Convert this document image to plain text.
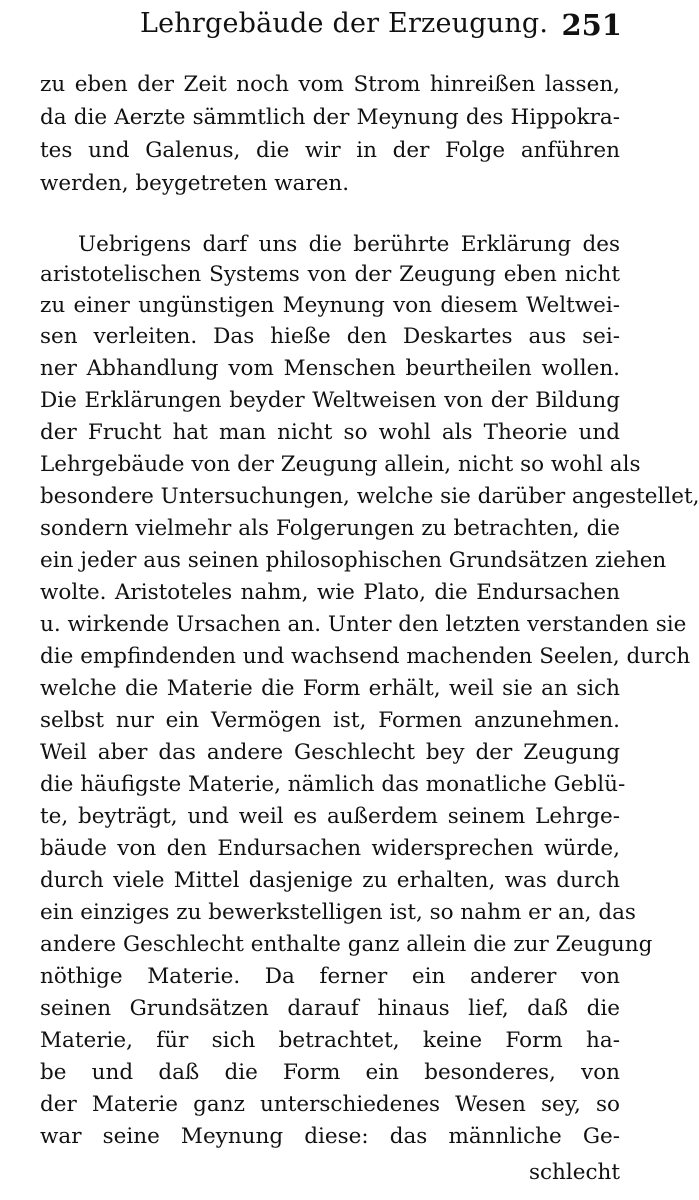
Lehrgebäude der Erzeugung. 251
zu eben der Zeit noch vom Strom hinreißen lassen,
da die Aerzte sämmtlich der Meynung des Hippokra-
tes und Galenus, die wir in der Folge anführen
werden, beygetreten waren.
Uebrigens darf uns die berührte Erklärung des
aristotelischen Systems von der Zeugung eben nicht
zu einer ungünstigen Meynung von diesem Weltwei-
sen verleiten. Das hieße den Deskartes aus sei-
ner Abhandlung vom Menschen beurtheilen wollen.
Die Erklärungen beyder Weltweisen von der Bildung
der Frucht hat man nicht so wohl als Theorie und
Lehrgebäude von der Zeugung allein, nicht so wohl als
besondere Untersuchungen, welche sie darüber angestellet,
sondern vielmehr als Folgerungen zu betrachten, die
ein jeder aus seinen philosophischen Grundsätzen ziehen
wolte. Aristoteles nahm, wie Plato, die Endursachen
u. wirkende Ursachen an. Unter den letzten verstanden sie
die empfindenden und wachsend machenden Seelen, durch
welche die Materie die Form erhält, weil sie an sich
selbst nur ein Vermögen ist, Formen anzunehmen.
Weil aber das andere Geschlecht bey der Zeugung
die häufigste Materie, nämlich das monatliche Geblü-
te, beyträgt, und weil es außerdem seinem Lehrge-
bäude von den Endursachen widersprechen würde,
durch viele Mittel dasjenige zu erhalten, was durch
ein einziges zu bewerkstelligen ist, so nahm er an, das
andere Geschlecht enthalte ganz allein die zur Zeugung
nöthige Materie. Da ferner ein anderer von
seinen Grundsätzen darauf hinaus lief, daß die
Materie, für sich betrachtet, keine Form ha-
be und daß die Form ein besonderes, von
der Materie ganz unterschiedenes Wesen sey, so
war seine Meynung diese: das männliche Ge-
schlecht
